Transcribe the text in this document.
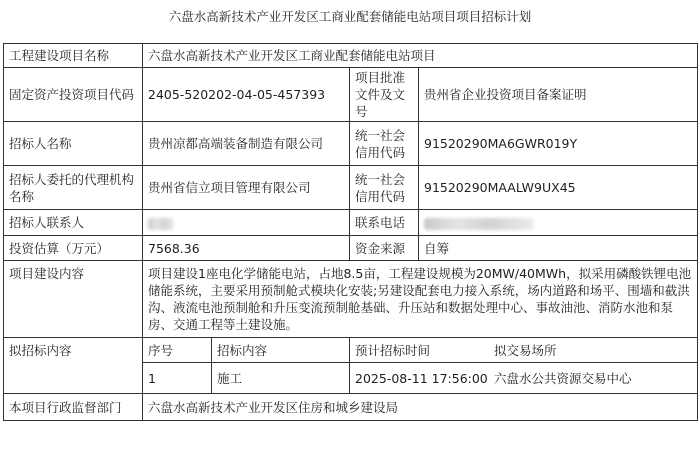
六盘水高新技术产业开发区工商业配套储能电站项目项目招标计划
工程建设项目名称	六盘水高新技术产业开发区工商业配套储能电站项目			
固定资产投资项目代码	2405-520202-04-05-457393		项目批准文件及文号	贵州省企业投资项目备案证明
招标人名称	贵州凉都高端装备制造有限公司		统一社会信用代码	91520290MA6GWR019Y
招标人委托的代理机构名称	贵州省信立项目管理有限公司		统一社会信用代码	91520290MAALW9UX45
招标人联系人			联系电话	
投资估算（万元）	7568.36		资金来源	自筹
项目建设内容	项目建设1座电化学储能电站，占地8.5亩，工程建设规模为20MW/40MWh，拟采用磷酸铁锂电池储能系统，主要采用预制舱式模块化安装;另建设配套电力接入系统，场内道路和场平、围墙和截洪沟、液流电池预制舱和升压变流预制舱基础、升压站和数据处理中心、事故油池、消防水池和泵房、交通工程等土建设施。			
拟招标内容	序号	招标内容	预计招标时间 拟交易场所	
	1	施工	2025-08-11 17:56:00 六盘水公共资源交易中心	
本项目行政监督部门	六盘水高新技术产业开发区住房和城乡建设局			
